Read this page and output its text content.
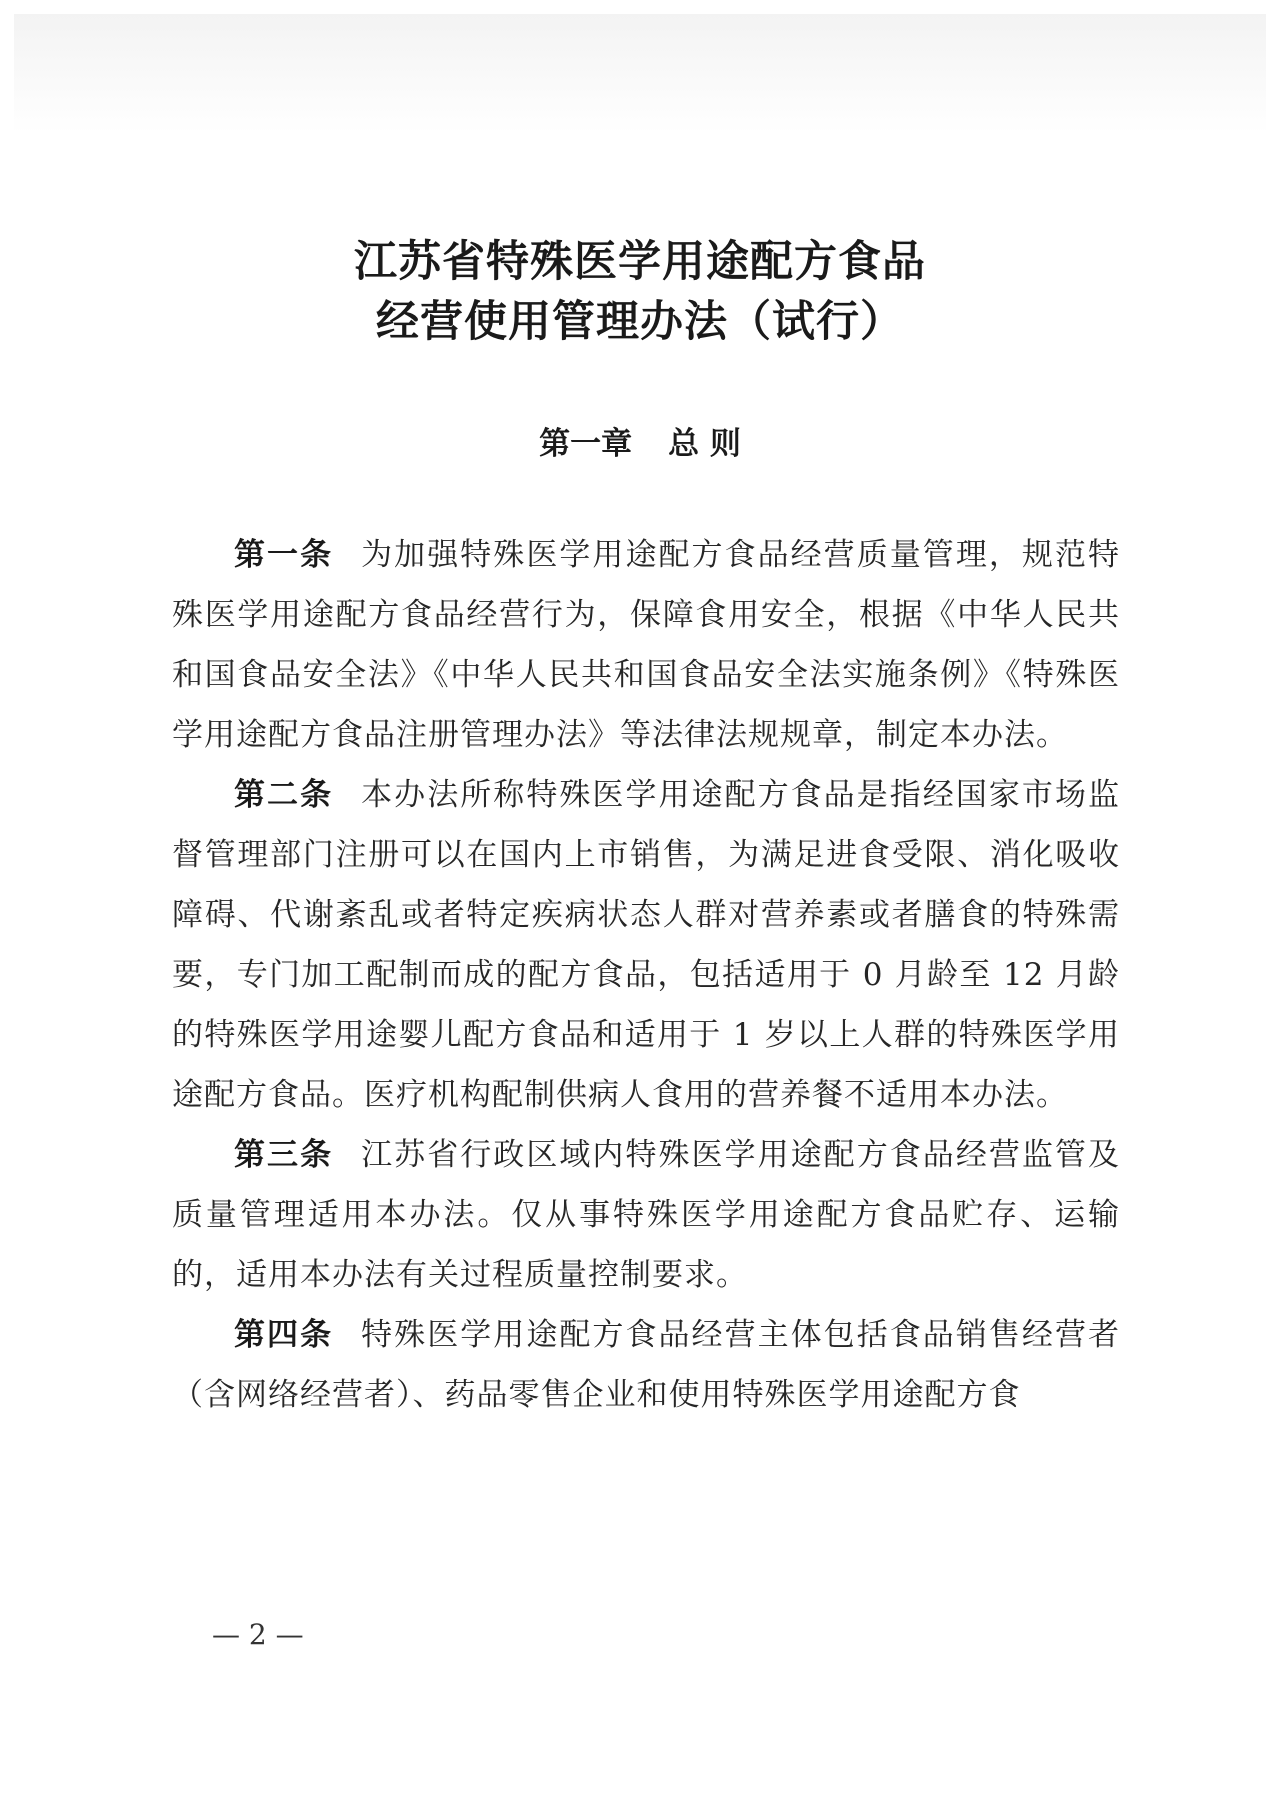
江苏省特殊医学用途配方食品
经营使用管理办法（试行）
第一章 总 则

第一条 为加强特殊医学用途配方食品经营质量管理，规范特殊医学用途配方食品经营行为，保障食用安全，根据《中华人民共和国食品安全法》《中华人民共和国食品安全法实施条例》《特殊医学用途配方食品注册管理办法》等法律法规规章，制定本办法。

第二条 本办法所称特殊医学用途配方食品是指经国家市场监督管理部门注册可以在国内上市销售，为满足进食受限、消化吸收障碍、代谢紊乱或者特定疾病状态人群对营养素或者膳食的特殊需要，专门加工配制而成的配方食品，包括适用于 0 月龄至 12 月龄的特殊医学用途婴儿配方食品和适用于 1 岁以上人群的特殊医学用途配方食品。医疗机构配制供病人食用的营养餐不适用本办法。

第三条 江苏省行政区域内特殊医学用途配方食品经营监管及质量管理适用本办法。仅从事特殊医学用途配方食品贮存、运输的，适用本办法有关过程质量控制要求。

第四条 特殊医学用途配方食品经营主体包括食品销售经营者（含网络经营者）、药品零售企业和使用特殊医学用途配方食

— 2 —
